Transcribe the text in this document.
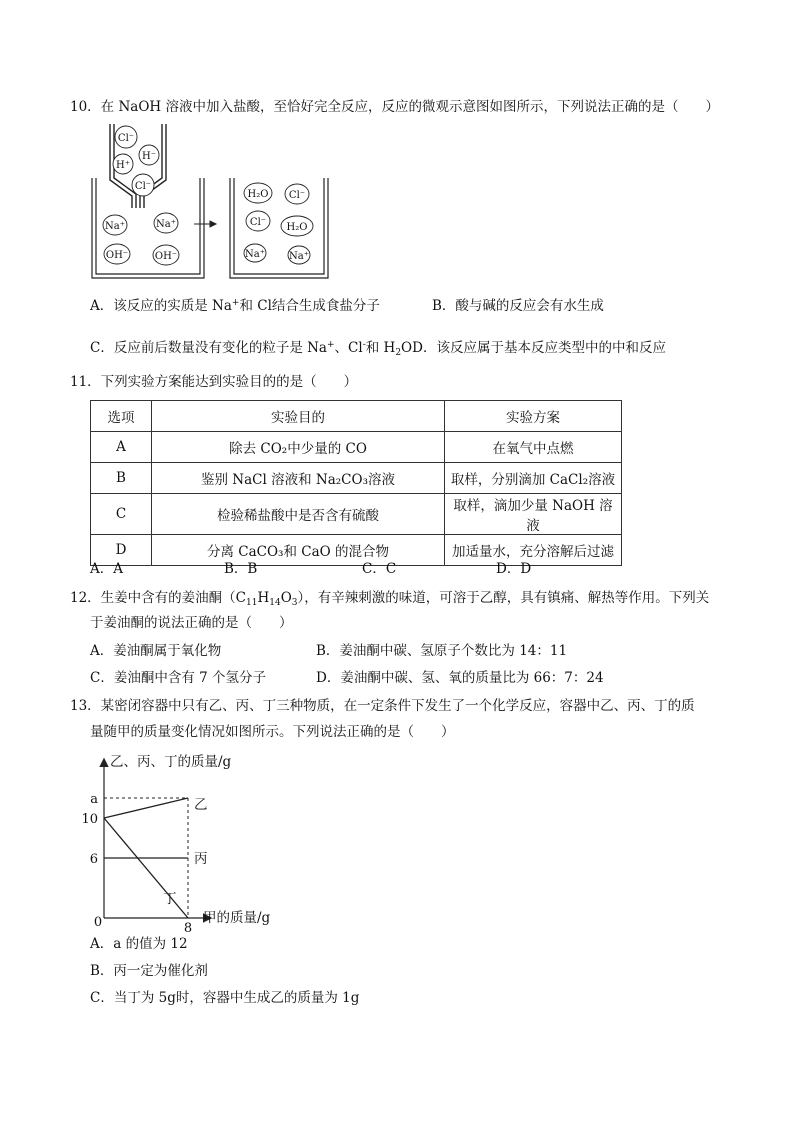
10．在 NaOH 溶液中加入盐酸，至恰好完全反应，反应的微观示意图如图所示，下列说法正确的是（　　）
Cl⁻
H⁺
H⁻
Cl⁻
Na⁺	Na⁺
OH⁻	OH⁻
H₂O Cl⁻
Cl⁻ H₂O
Na⁺ Na⁺
A．该反应的实质是 Na+和 Cl结合生成食盐分子	B．酸与碱的反应会有水生成
C．反应前后数量没有变化的粒子是 Na+、Cl-和 $H_2OD$．该反应属于基本反应类型中的中和反应
11．下列实验方案能达到实验目的的是（　　）
选项	实验目的	实验方案
A	除去 CO₂中少量的 CO	在氧气中点燃
B	鉴别 NaCl 溶液和 Na₂CO₃溶液	取样，分别滴加 CaCl₂溶液
C	检验稀盐酸中是否含有硫酸	取样，滴加少量 NaOH 溶液
D	分离 CaCO₃和 CaO 的混合物	加适量水，充分溶解后过滤
A．A	B．B	C．C	D．D
12．生姜中含有的姜油酮$(C_{11}H_{14}O_3)$，有辛辣刺激的味道，可溶于乙醇，具有镇痛、解热等作用。下列关
于姜油酮的说法正确的是（　　）
A．姜油酮属于氧化物	B．姜油酮中碳、氢原子个数比为 14：11
C．姜油酮中含有 7 个氢分子	D．姜油酮中碳、氢、氧的质量比为 66：7：24
13．某密闭容器中只有乙、丙、丁三种物质，在一定条件下发生了一个化学反应，容器中乙、丙、丁的质
量随甲的质量变化情况如图所示。下列说法正确的是（　　）
乙、丙、丁的质量/g
甲的质量/g
0
6
10
a
8
乙
丙
丁
A．a 的值为 12
B．丙一定为催化剂
C．当丁为 5g时，容器中生成乙的质量为 1g
